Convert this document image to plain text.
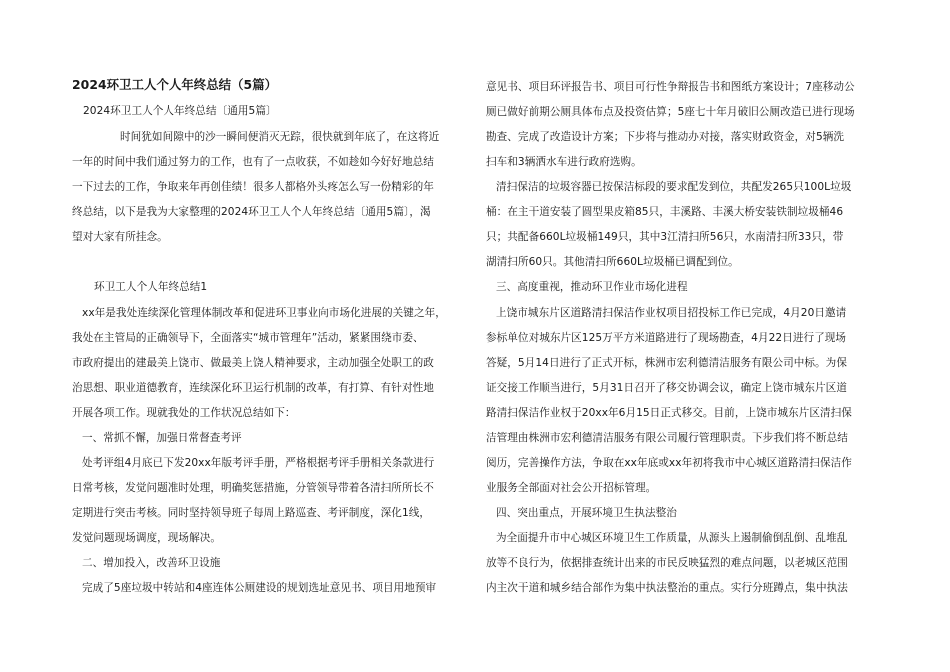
2024环卫工人个人年终总结（5篇）
2024环卫工人个人年终总结〔通用5篇〕
时间犹如间隙中的沙一瞬间便消灭无踪，很快就到年底了，在这将近
一年的时间中我们通过努力的工作，也有了一点收获，不如趁如今好好地总结
一下过去的工作，争取来年再创佳绩！很多人都格外头疼怎么写一份精彩的年
终总结，以下是我为大家整理的2024环卫工人个人年终总结〔通用5篇〕，渴
望对大家有所挂念。
环卫工人个人年终总结1
xx年是我处连续深化管理体制改革和促进环卫事业向市场化进展的关键之年，
我处在主管局的正确领导下，全面落实“城市管理年”活动，紧紧围绕市委、
市政府提出的建最美上饶市、做最美上饶人精神要求，主动加强全处职工的政
治思想、职业道德教育，连续深化环卫运行机制的改革，有打算、有针对性地
开展各项工作。现就我处的工作状况总结如下：
一、常抓不懈，加强日常督查考评
处考评组4月底已下发20xx年版考评手册，严格根据考评手册相关条款进行
日常考核，发觉问题准时处理，明确奖惩措施，分管领导带着各清扫所所长不
定期进行突击考核。同时坚持领导班子每周上路巡查、考评制度，深化1线，
发觉问题现场调度，现场解决。
二、增加投入，改善环卫设施
完成了5座垃圾中转站和4座连体公厕建设的规划选址意见书、项目用地预审
意见书、项目环评报告书、项目可行性争辩报告书和图纸方案设计；7座移动公
厕已做好前期公厕具体布点及投资估算；5座七十年月破旧公厕改造已进行现场
勘查、完成了改造设计方案；下步将与推动办对接，落实财政资金，对5辆洗
扫车和3辆洒水车进行政府选购。
清扫保洁的垃圾容器已按保洁标段的要求配发到位，共配发265只100L垃圾
桶：在主干道安装了圆型果皮箱85只，丰溪路、丰溪大桥安装铁制垃圾桶46
只；共配备660L垃圾桶149只，其中3江清扫所56只，水南清扫所33只，带
湖清扫所60只。其他清扫所660L垃圾桶已调配到位。
三、高度重视，推动环卫作业市场化进程
上饶市城东片区道路清扫保洁作业权项目招投标工作已完成，4月20日邀请
参标单位对城东片区125万平方米道路进行了现场勘查，4月22日进行了现场
答疑，5月14日进行了正式开标，株洲市宏利德清洁服务有限公司中标。为保
证交接工作顺当进行，5月31日召开了移交协调会议，确定上饶市城东片区道
路清扫保洁作业权于20xx年6月15日正式移交。目前，上饶市城东片区清扫保
洁管理由株洲市宏利德清洁服务有限公司履行管理职责。下步我们将不断总结
阅历，完善操作方法，争取在xx年底或xx年初将我市中心城区道路清扫保洁作
业服务全部面对社会公开招标管理。
四、突出重点，开展环境卫生执法整治
为全面提升市中心城区环境卫生工作质量，从源头上遏制偷倒乱倒、乱堆乱
放等不良行为，依据排查统计出来的市民反映猛烈的难点问题，以老城区范围
内主次干道和城乡结合部作为集中执法整治的重点。实行分班蹲点，集中执法
